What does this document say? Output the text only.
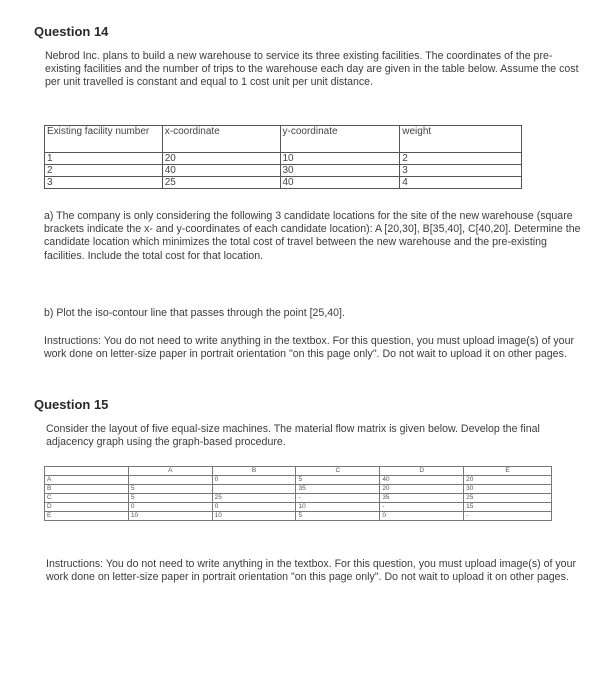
Question 14
Nebrod Inc. plans to build a new warehouse to service its three existing facilities. The coordinates of the pre-existing facilities and the number of trips to the warehouse each day are given in the table below. Assume the cost per unit travelled is constant and equal to 1 cost unit per unit distance.
Existing facility number	x-coordinate	y-coordinate	weight
1	20	10	2
2	40	30	3
3	25	40	4
a) The company is only considering the following 3 candidate locations for the site of the new warehouse (square brackets indicate the x- and y-coordinates of each candidate location): A [20,30], B[35,40], C[40,20]. Determine the candidate location which minimizes the total cost of travel between the new warehouse and the pre-existing facilities. Include the total cost for that location.
b) Plot the iso-contour line that passes through the point [25,40].
Instructions: You do not need to write anything in the textbox. For this question, you must upload image(s) of your work done on letter-size paper in portrait orientation "on this page only". Do not wait to upload it on other pages.
Question 15
Consider the layout of five equal-size machines. The material flow matrix is given below. Develop the final adjacency graph using the graph-based procedure.
	A	B	C	D	E
A		0	5	40	20
B	5		35	20	30
C	5	25	-	35	25
D	0	0	10	-	15
E	10	10	5	0	-
Instructions: You do not need to write anything in the textbox. For this question, you must upload image(s) of your work done on letter-size paper in portrait orientation "on this page only". Do not wait to upload it on other pages.
